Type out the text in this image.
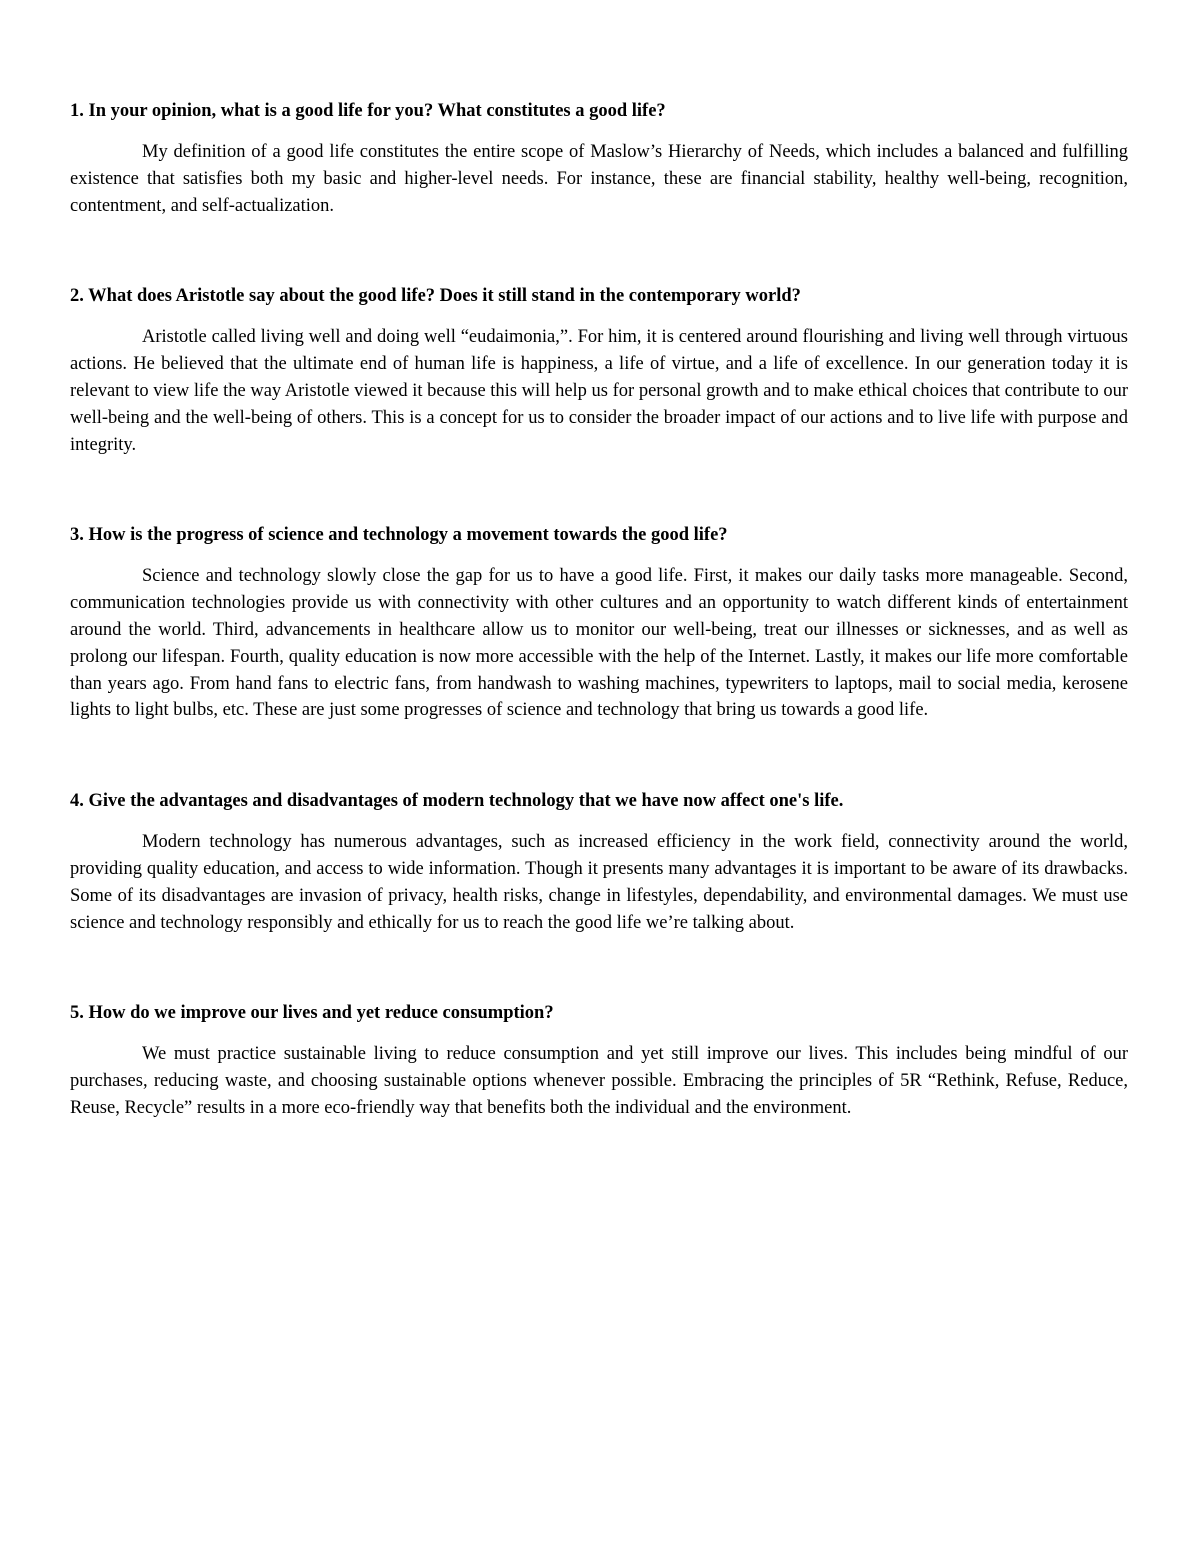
1. In your opinion, what is a good life for you? What constitutes a good life?

My definition of a good life constitutes the entire scope of Maslow’s Hierarchy of Needs, which includes a balanced and fulfilling existence that satisfies both my basic and higher-level needs. For instance, these are financial stability, healthy well-being, recognition, contentment, and self-actualization.

2. What does Aristotle say about the good life? Does it still stand in the contemporary world?

Aristotle called living well and doing well “eudaimonia,”. For him, it is centered around flourishing and living well through virtuous actions. He believed that the ultimate end of human life is happiness, a life of virtue, and a life of excellence. In our generation today it is relevant to view life the way Aristotle viewed it because this will help us for personal growth and to make ethical choices that contribute to our well-being and the well-being of others. This is a concept for us to consider the broader impact of our actions and to live life with purpose and integrity.

3. How is the progress of science and technology a movement towards the good life?

Science and technology slowly close the gap for us to have a good life. First, it makes our daily tasks more manageable. Second, communication technologies provide us with connectivity with other cultures and an opportunity to watch different kinds of entertainment around the world. Third, advancements in healthcare allow us to monitor our well-being, treat our illnesses or sicknesses, and as well as prolong our lifespan. Fourth, quality education is now more accessible with the help of the Internet. Lastly, it makes our life more comfortable than years ago. From hand fans to electric fans, from handwash to washing machines, typewriters to laptops, mail to social media, kerosene lights to light bulbs, etc. These are just some progresses of science and technology that bring us towards a good life.

4. Give the advantages and disadvantages of modern technology that we have now affect one's life.

Modern technology has numerous advantages, such as increased efficiency in the work field, connectivity around the world, providing quality education, and access to wide information. Though it presents many advantages it is important to be aware of its drawbacks. Some of its disadvantages are invasion of privacy, health risks, change in lifestyles, dependability, and environmental damages. We must use science and technology responsibly and ethically for us to reach the good life we’re talking about.

5. How do we improve our lives and yet reduce consumption?

We must practice sustainable living to reduce consumption and yet still improve our lives. This includes being mindful of our purchases, reducing waste, and choosing sustainable options whenever possible. Embracing the principles of 5R “Rethink, Refuse, Reduce, Reuse, Recycle” results in a more eco-friendly way that benefits both the individual and the environment.
